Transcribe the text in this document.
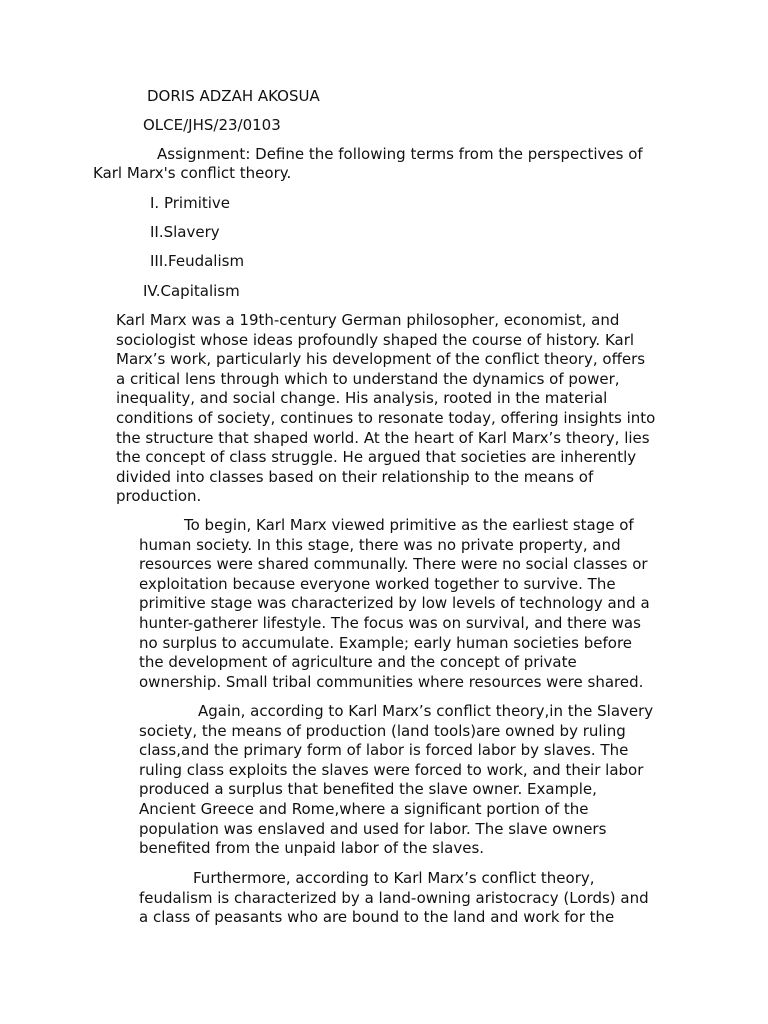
DORIS ADZAH AKOSUA

OLCE/JHS/23/0103

Assignment: Define the following terms from the perspectives of

Karl Marx's conflict theory.

I. Primitive

II.Slavery

III.Feudalism

IV.Capitalism

Karl Marx was a 19th-century German philosopher, economist, and
sociologist whose ideas profoundly shaped the course of history. Karl
Marx’s work, particularly his development of the conflict theory, offers
a critical lens through which to understand the dynamics of power,
inequality, and social change. His analysis, rooted in the material
conditions of society, continues to resonate today, offering insights into
the structure that shaped world. At the heart of Karl Marx’s theory, lies
the concept of class struggle. He argued that societies are inherently
divided into classes based on their relationship to the means of
production.

To begin, Karl Marx viewed primitive as the earliest stage of
human society. In this stage, there was no private property, and
resources were shared communally. There were no social classes or
exploitation because everyone worked together to survive. The
primitive stage was characterized by low levels of technology and a
hunter-gatherer lifestyle. The focus was on survival, and there was
no surplus to accumulate. Example; early human societies before
the development of agriculture and the concept of private
ownership. Small tribal communities where resources were shared.

Again, according to Karl Marx’s conflict theory,in the Slavery
society, the means of production (land tools)are owned by ruling
class,and the primary form of labor is forced labor by slaves. The
ruling class exploits the slaves were forced to work, and their labor
produced a surplus that benefited the slave owner. Example,
Ancient Greece and Rome,where a significant portion of the
population was enslaved and used for labor. The slave owners
benefited from the unpaid labor of the slaves.

Furthermore, according to Karl Marx’s conflict theory,
feudalism is characterized by a land-owning aristocracy (Lords) and
a class of peasants who are bound to the land and work for the
